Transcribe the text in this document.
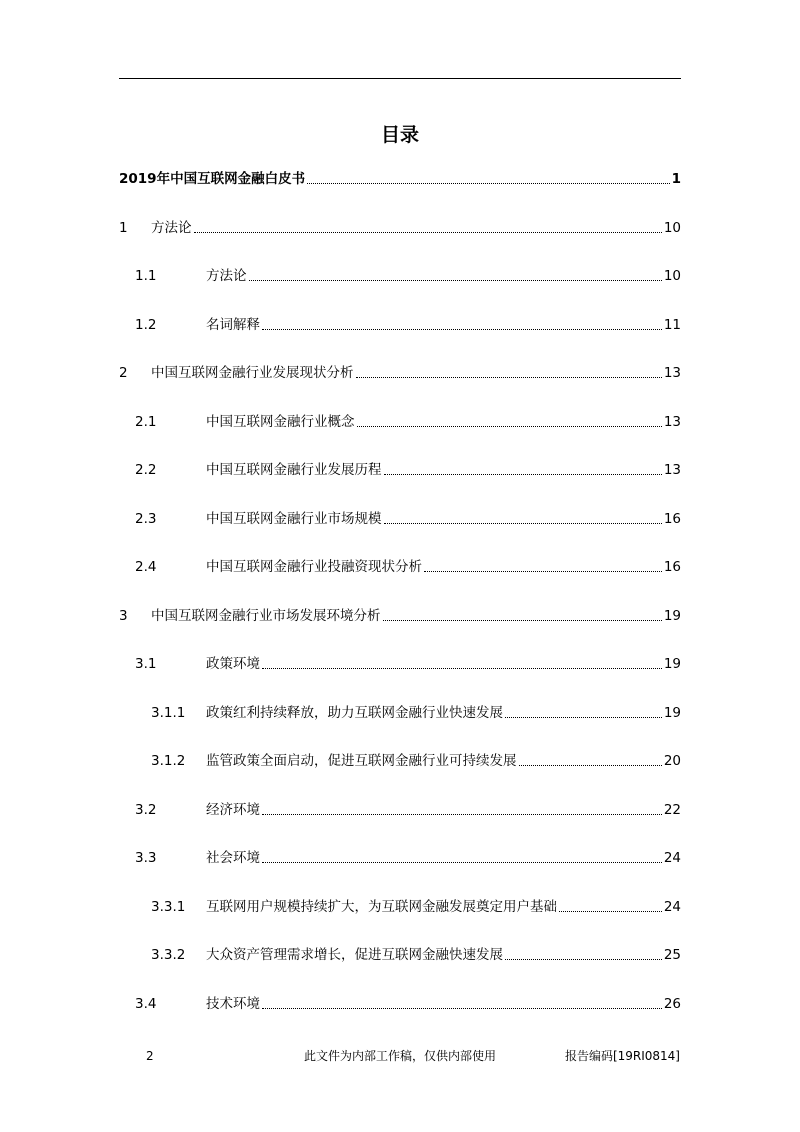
目录
2019年中国互联网金融白皮书	1
1	方法论	10
1.1	方法论	10
1.2	名词解释	11
2	中国互联网金融行业发展现状分析	13
2.1	中国互联网金融行业概念	13
2.2	中国互联网金融行业发展历程	13
2.3	中国互联网金融行业市场规模	16
2.4	中国互联网金融行业投融资现状分析	16
3	中国互联网金融行业市场发展环境分析	19
3.1	政策环境	19
3.1.1	政策红利持续释放，助力互联网金融行业快速发展	19
3.1.2	监管政策全面启动，促进互联网金融行业可持续发展	20
3.2	经济环境	22
3.3	社会环境	24
3.3.1	互联网用户规模持续扩大，为互联网金融发展奠定用户基础	24
3.3.2	大众资产管理需求增长，促进互联网金融快速发展	25
3.4	技术环境	26
2	此文件为内部工作稿，仅供内部使用	报告编码[19RI0814]
